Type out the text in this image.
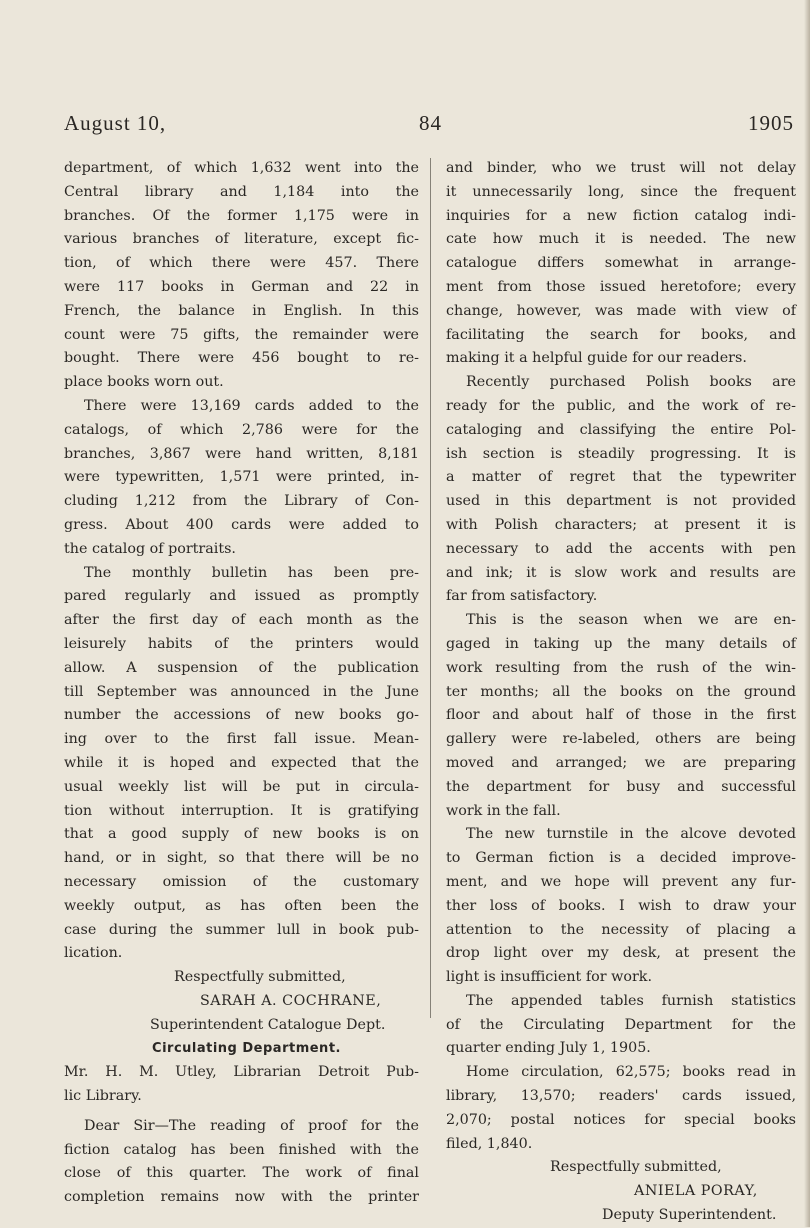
August 10,	84	1905
department, of which 1,632 went into the
Central library and 1,184 into the
branches. Of the former 1,175 were in
various branches of literature, except fic-
tion, of which there were 457. There
were 117 books in German and 22 in
French, the balance in English. In this
count were 75 gifts, the remainder were
bought. There were 456 bought to re-
place books worn out.
There were 13,169 cards added to the
catalogs, of which 2,786 were for the
branches, 3,867 were hand written, 8,181
were typewritten, 1,571 were printed, in-
cluding 1,212 from the Library of Con-
gress. About 400 cards were added to
the catalog of portraits.
The monthly bulletin has been pre-
pared regularly and issued as promptly
after the first day of each month as the
leisurely habits of the printers would
allow. A suspension of the publication
till September was announced in the June
number the accessions of new books go-
ing over to the first fall issue. Mean-
while it is hoped and expected that the
usual weekly list will be put in circula-
tion without interruption. It is gratifying
that a good supply of new books is on
hand, or in sight, so that there will be no
necessary omission of the customary
weekly output, as has often been the
case during the summer lull in book pub-
lication.
Respectfully submitted,
SARAH A. COCHRANE,
Superintendent Catalogue Dept.
Circulating Department.
Mr. H. M. Utley, Librarian Detroit Pub-
lic Library.
Dear Sir—The reading of proof for the
fiction catalog has been finished with the
close of this quarter. The work of final
completion remains now with the printer
and binder, who we trust will not delay
it unnecessarily long, since the frequent
inquiries for a new fiction catalog indi-
cate how much it is needed. The new
catalogue differs somewhat in arrange-
ment from those issued heretofore; every
change, however, was made with view of
facilitating the search for books, and
making it a helpful guide for our readers.
Recently purchased Polish books are
ready for the public, and the work of re-
cataloging and classifying the entire Pol-
ish section is steadily progressing. It is
a matter of regret that the typewriter
used in this department is not provided
with Polish characters; at present it is
necessary to add the accents with pen
and ink; it is slow work and results are
far from satisfactory.
This is the season when we are en-
gaged in taking up the many details of
work resulting from the rush of the win-
ter months; all the books on the ground
floor and about half of those in the first
gallery were re-labeled, others are being
moved and arranged; we are preparing
the department for busy and successful
work in the fall.
The new turnstile in the alcove devoted
to German fiction is a decided improve-
ment, and we hope will prevent any fur-
ther loss of books. I wish to draw your
attention to the necessity of placing a
drop light over my desk, at present the
light is insufficient for work.
The appended tables furnish statistics
of the Circulating Department for the
quarter ending July 1, 1905.
Home circulation, 62,575; books read in
library, 13,570; readers' cards issued,
2,070; postal notices for special books
filed, 1,840.
Respectfully submitted,
ANIELA PORAY,
Deputy Superintendent.
